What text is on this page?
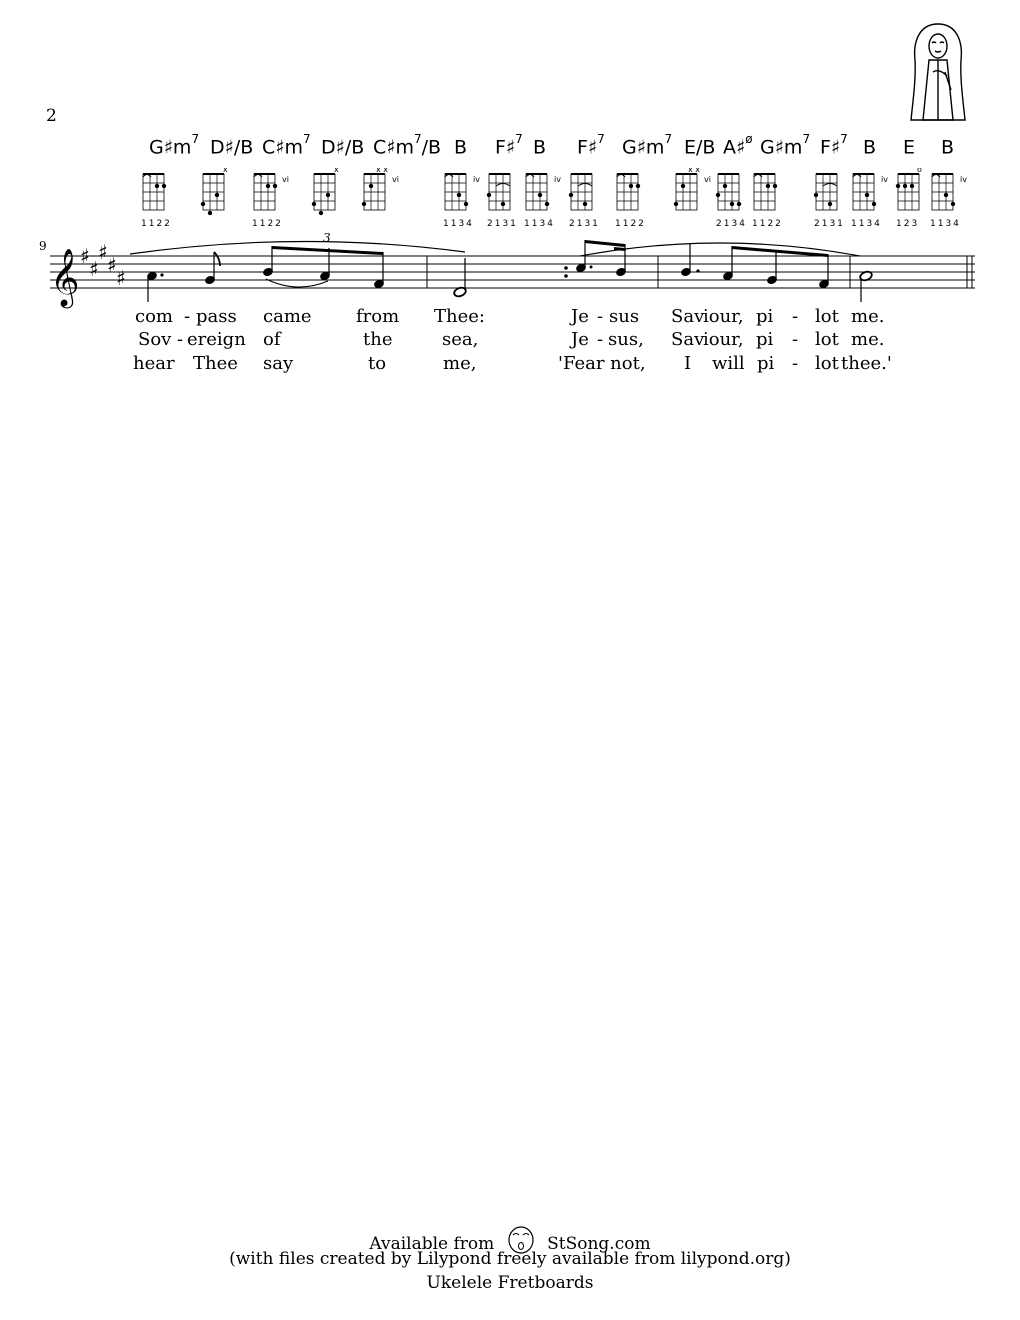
2
$G♯m^7$ D♯/B $C♯m^7$ D♯/B $C♯m^7/B$ B F♯$^7$ B F♯$^7$ $G♯m^7$ E/B A♯$^ø$ $G♯m^7$ F♯$^7$ B E B
1122
x
vi
1122
x	x x
vi	iv
1134 2131
iv
1134 2131 1122
x x
vi
2134 1122	2131
iv
1134
o
123
iv
1134
9
𝄞 ♯
♯
♯
♯
♯
3
com - pass came from Thee:	Je - sus Sav
iour, pi - lot me.
Sov - ereign of	the	sea,	Je - sus, Sav
iour, pi - lot me.
hear Thee say	to	me,	'Fear not, I will pi - lot thee.'
Available from	StSong.com
(with files created by Lilypond freely available from lilypond.org)
Ukelele Fretboards
